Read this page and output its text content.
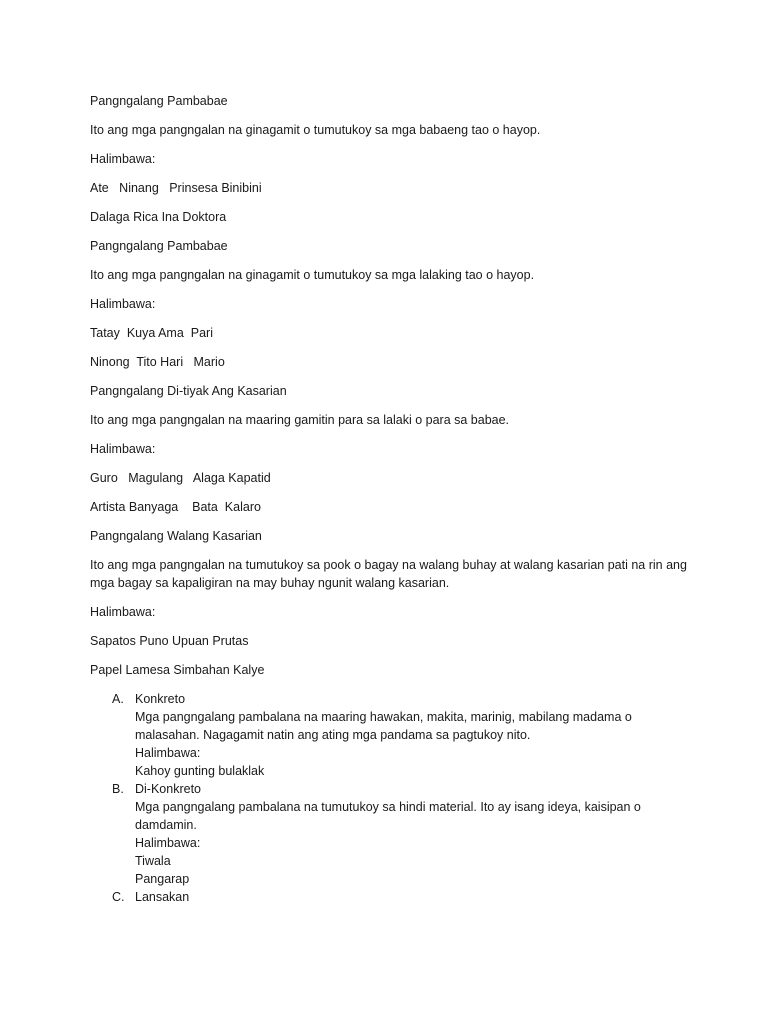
Pangngalang Pambabae

Ito ang mga pangngalan na ginagamit o tumutukoy sa mga babaeng tao o hayop.

Halimbawa:

Ate   Ninang   Prinsesa Binibini

Dalaga Rica Ina Doktora

Pangngalang Pambabae

Ito ang mga pangngalan na ginagamit o tumutukoy sa mga lalaking tao o hayop.

Halimbawa:

Tatay  Kuya Ama  Pari

Ninong  Tito Hari   Mario

Pangngalang Di-tiyak Ang Kasarian

Ito ang mga pangngalan na maaring gamitin para sa lalaki o para sa babae.

Halimbawa:

Guro   Magulang   Alaga Kapatid

Artista Banyaga    Bata  Kalaro

Pangngalang Walang Kasarian

Ito ang mga pangngalan na tumutukoy sa pook o bagay na walang buhay at walang kasarian pati na rin ang mga bagay sa kapaligiran na may buhay ngunit walang kasarian.

Halimbawa:

Sapatos Puno Upuan Prutas

Papel Lamesa Simbahan Kalye

A. Konkreto
Mga pangngalang pambalana na maaring hawakan, makita, marinig, mabilang madama o malasahan. Nagagamit natin ang ating mga pandama sa pagtukoy nito.
Halimbawa:
Kahoy gunting bulaklak
B. Di-Konkreto
Mga pangngalang pambalana na tumutukoy sa hindi material. Ito ay isang ideya, kaisipan o damdamin.
Halimbawa:
Tiwala
Pangarap
C. Lansakan
